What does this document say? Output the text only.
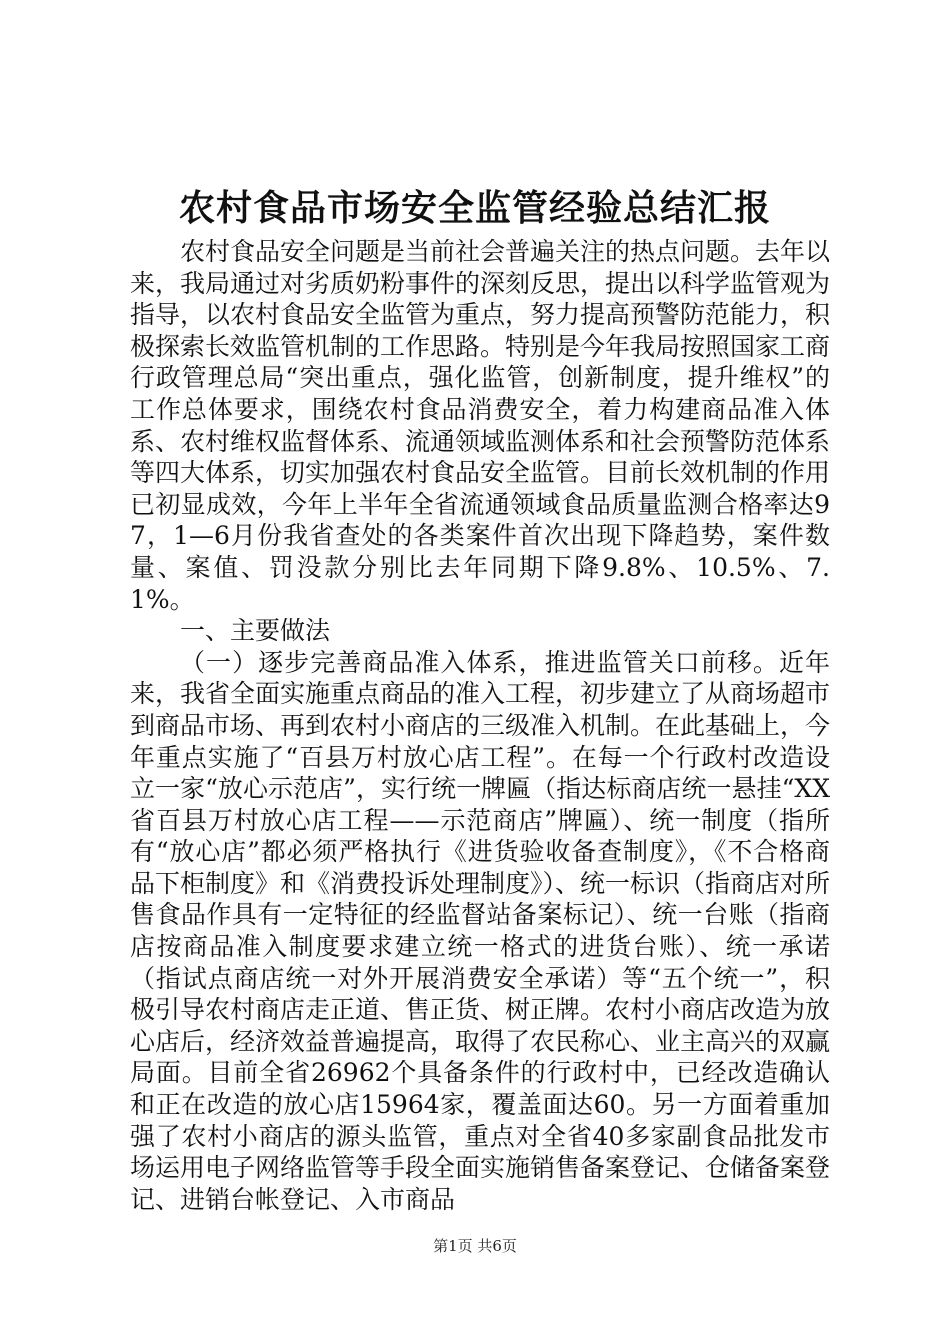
农村食品市场安全监管经验总结汇报

农村食品安全问题是当前社会普遍关注的热点问题。去年以来，我局通过对劣质奶粉事件的深刻反思，提出以科学监管观为指导，以农村食品安全监管为重点，努力提高预警防范能力，积极探索长效监管机制的工作思路。特别是今年我局按照国家工商行政管理总局“突出重点，强化监管，创新制度，提升维权”的工作总体要求，围绕农村食品消费安全，着力构建商品准入体系、农村维权监督体系、流通领域监测体系和社会预警防范体系等四大体系，切实加强农村食品安全监管。目前长效机制的作用已初显成效，今年上半年全省流通领域食品质量监测合格率达97，1—6月份我省查处的各类案件首次出现下降趋势，案件数量、案值、罚没款分别比去年同期下降9.8%、10.5%、7.1%。

一、主要做法

（一）逐步完善商品准入体系，推进监管关口前移。近年来，我省全面实施重点商品的准入工程，初步建立了从商场超市到商品市场、再到农村小商店的三级准入机制。在此基础上，今年重点实施了“百县万村放心店工程”。在每一个行政村改造设立一家“放心示范店”，实行统一牌匾（指达标商店统一悬挂“XX省百县万村放心店工程——示范商店”牌匾）、统一制度（指所有“放心店”都必须严格执行《进货验收备查制度》，《不合格商品下柜制度》和《消费投诉处理制度》）、统一标识（指商店对所售食品作具有一定特征的经监督站备案标记）、统一台账（指商店按商品准入制度要求建立统一格式的进货台账）、统一承诺（指试点商店统一对外开展消费安全承诺）等“五个统一”，积极引导农村商店走正道、售正货、树正牌。农村小商店改造为放心店后，经济效益普遍提高，取得了农民称心、业主高兴的双赢局面。目前全省26962个具备条件的行政村中，已经改造确认和正在改造的放心店15964家，覆盖面达60。另一方面着重加强了农村小商店的源头监管，重点对全省40多家副食品批发市场运用电子网络监管等手段全面实施销售备案登记、仓储备案登记、进销台帐登记、入市商品

第1页 共6页
